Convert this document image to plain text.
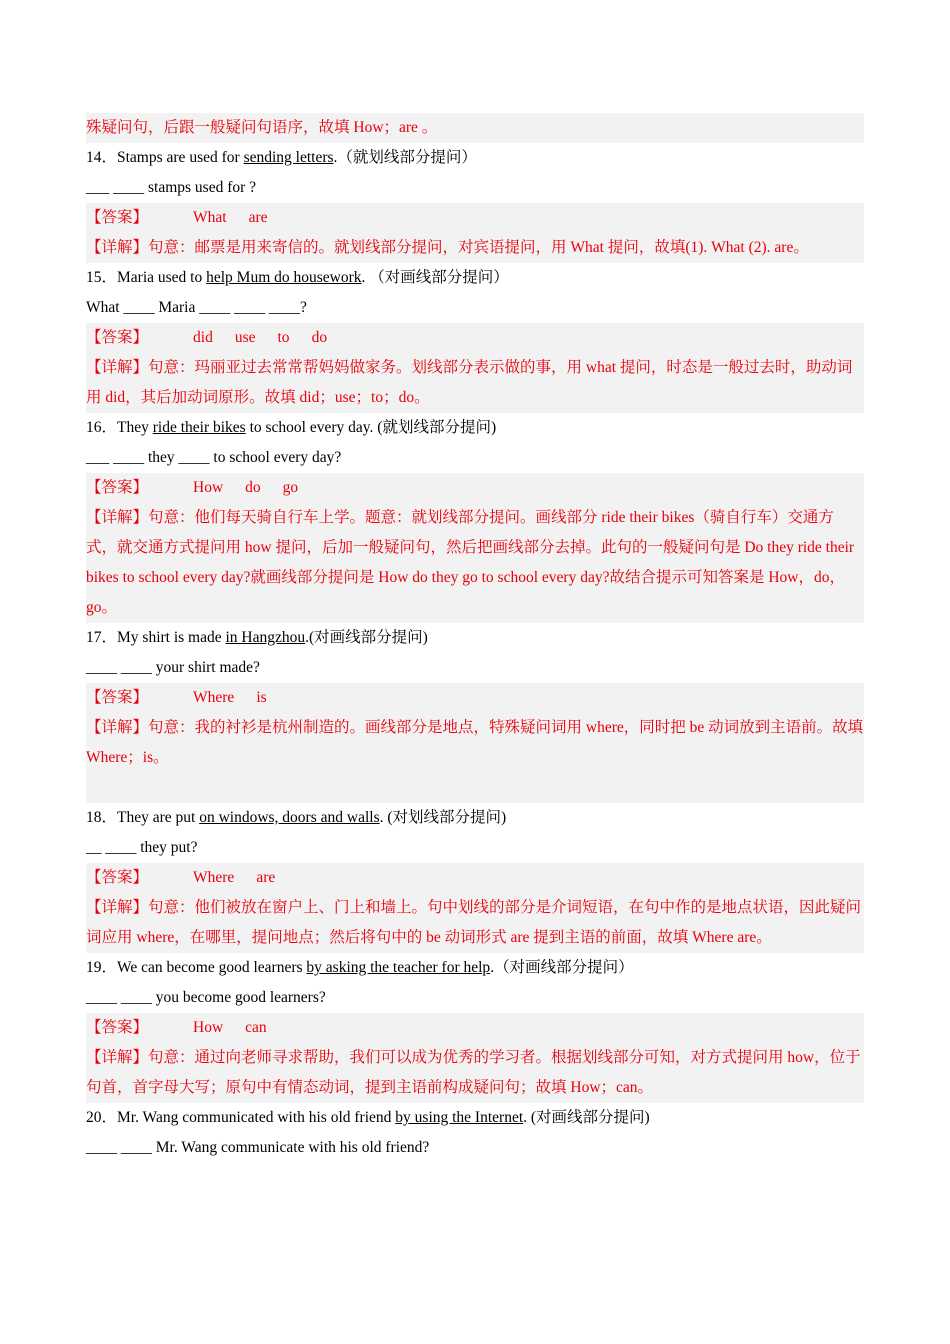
殊疑问句，后跟一般疑问句语序，故填 How；are 。
14．Stamps are used for sending letters.（就划线部分提问）
___ ____ stamps used for ?
【答案】	What are
【详解】句意：邮票是用来寄信的。就划线部分提问，对宾语提问，用 What 提问，故填(1). What (2). are。
15．Maria used to help Mum do housework. （对画线部分提问）
What ____ Maria ____ ____ ____?
【答案】	did use to do
【详解】句意：玛丽亚过去常常帮妈妈做家务。划线部分表示做的事，用 what 提问，时态是一般过去时，助动词用 did，其后加动词原形。故填 did；use；to；do。
16．They ride their bikes to school every day. (就划线部分提问)
___ ____ they ____ to school every day?
【答案】	How do go
【详解】句意：他们每天骑自行车上学。题意：就划线部分提问。画线部分 ride their bikes（骑自行车）交通方式，就交通方式提问用 how 提问，后加一般疑问句，然后把画线部分去掉。此句的一般疑问句是 Do they ride their bikes to school every day?就画线部分提问是 How do they go to school every day?故结合提示可知答案是 How，do，go。
17．My shirt is made in Hangzhou.(对画线部分提问)
____ ____ your shirt made?
【答案】	Where is
【详解】句意：我的衬衫是杭州制造的。画线部分是地点，特殊疑问词用 where，同时把 be 动词放到主语前。故填 Where；is。
18．They are put on windows, doors and walls. (对划线部分提问)
__ ____ they put?
【答案】	Where are
【详解】句意：他们被放在窗户上、门上和墙上。句中划线的部分是介词短语，在句中作的是地点状语，因此疑问词应用 where，在哪里，提问地点；然后将句中的 be 动词形式 are 提到主语的前面，故填 Where are。
19．We can become good learners by asking the teacher for help.（对画线部分提问）
____ ____ you become good learners?
【答案】	How can
【详解】句意：通过向老师寻求帮助，我们可以成为优秀的学习者。根据划线部分可知，对方式提问用 how，位于句首，首字母大写；原句中有情态动词，提到主语前构成疑问句；故填 How；can。
20．Mr. Wang communicated with his old friend by using the Internet. (对画线部分提问)
____ ____ Mr. Wang communicate with his old friend?
